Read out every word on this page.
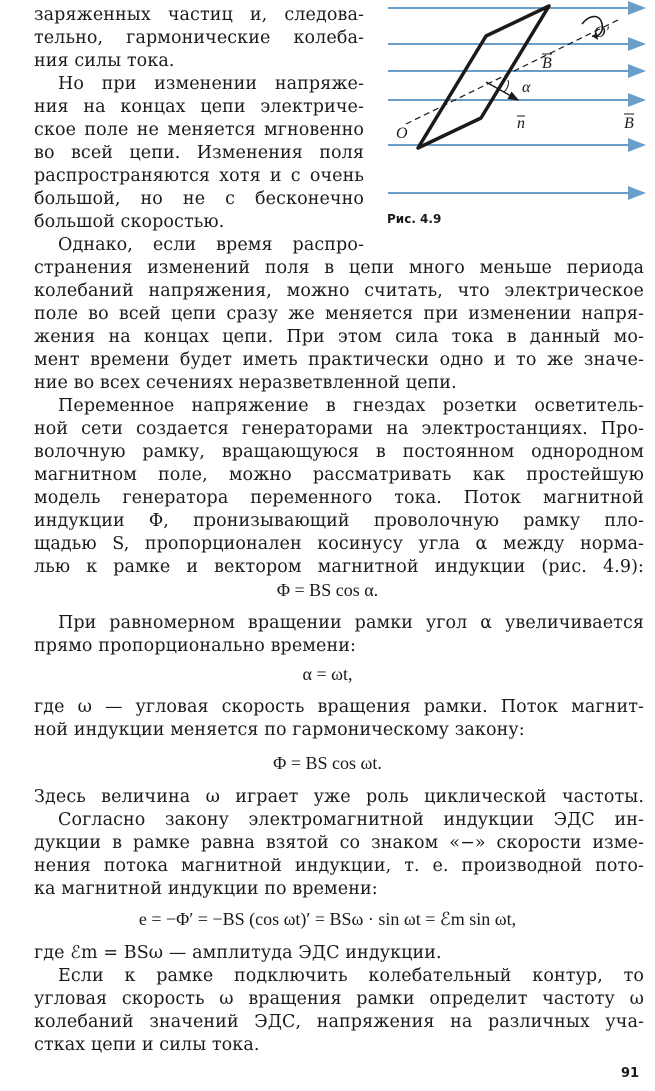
O
O'
B
B
n
α
Рис. 4.9
заряженных частиц и, следова-
тельно, гармонические колеба-
ния силы тока.
Но при изменении напряже-
ния на концах цепи электриче-
ское поле не меняется мгновенно
во всей цепи. Изменения поля
распространяются хотя и с очень
большой, но не с бесконечно
большой скоростью.
Однако, если время распро-
странения изменений поля в цепи много меньше периода
колебаний напряжения, можно считать, что электрическое
поле во всей цепи сразу же меняется при изменении напря-
жения на концах цепи. При этом сила тока в данный мо-
мент времени будет иметь практически одно и то же значе-
ние во всех сечениях неразветвленной цепи.
Переменное напряжение в гнездах розетки осветитель-
ной сети создается генераторами на электростанциях. Про-
волочную рамку, вращающуюся в постоянном однородном
магнитном поле, можно рассматривать как простейшую
модель генератора переменного тока. Поток магнитной
индукции Φ, пронизывающий проволочную рамку пло-
щадью S, пропорционален косинусу угла α между норма-
лью к рамке и вектором магнитной индукции (рис. 4.9):
Φ = BS cos α.
При равномерном вращении рамки угол α увеличивается
прямо пропорционально времени:
α = ωt,
где ω — угловая скорость вращения рамки. Поток магнит-
ной индукции меняется по гармоническому закону:
Φ = BS cos ωt.
Здесь величина ω играет уже роль циклической частоты.
Согласно закону электромагнитной индукции ЭДС ин-
дукции в рамке равна взятой со знаком «−» скорости изме-
нения потока магнитной индукции, т. е. производной пото-
ка магнитной индукции по времени:
e = −Φ′ = −BS (cos ωt)′ = BSω · sin ωt = ℰm sin ωt,
где ℰm = BSω — амплитуда ЭДС индукции.
Если к рамке подключить колебательный контур, то
угловая скорость ω вращения рамки определит частоту ω
колебаний значений ЭДС, напряжения на различных уча-
стках цепи и силы тока.
91
